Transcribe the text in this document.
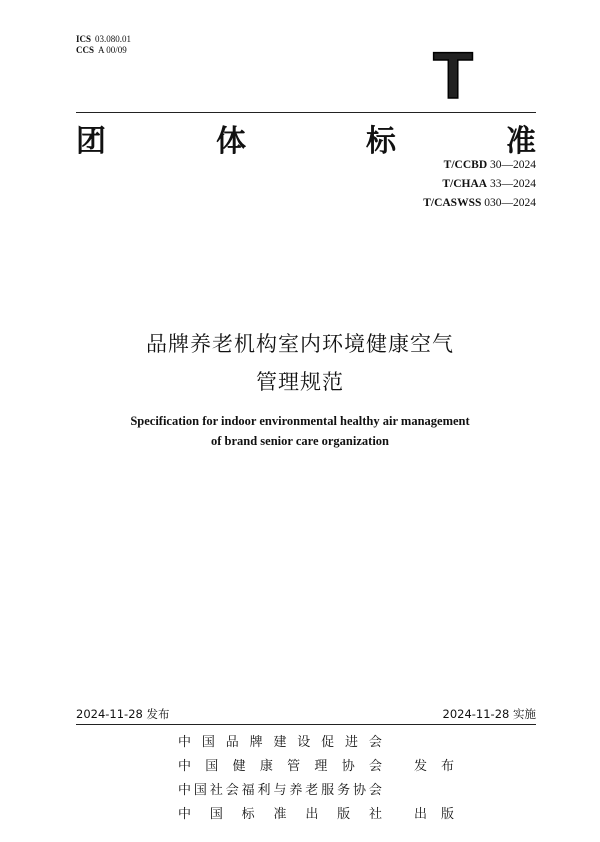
ICS 03.080.01
CCS A 00/09	T
团	体	标	准
T/CCBD 30—2024
T/CHAA 33—2024
T/CASWSS 030—2024
品牌养老机构室内环境健康空气
管理规范
Specification for indoor environmental healthy air management
of brand senior care organization
2024-11-28 发布	2024-11-28 实施
中 国 品 牌 建 设 促 进 会
中 国 健 康 管 理 协 会 发 布
中 国 社 会 福 利 与 养 老 服 务 协 会
中 国 标 准 出 版 社 出 版
